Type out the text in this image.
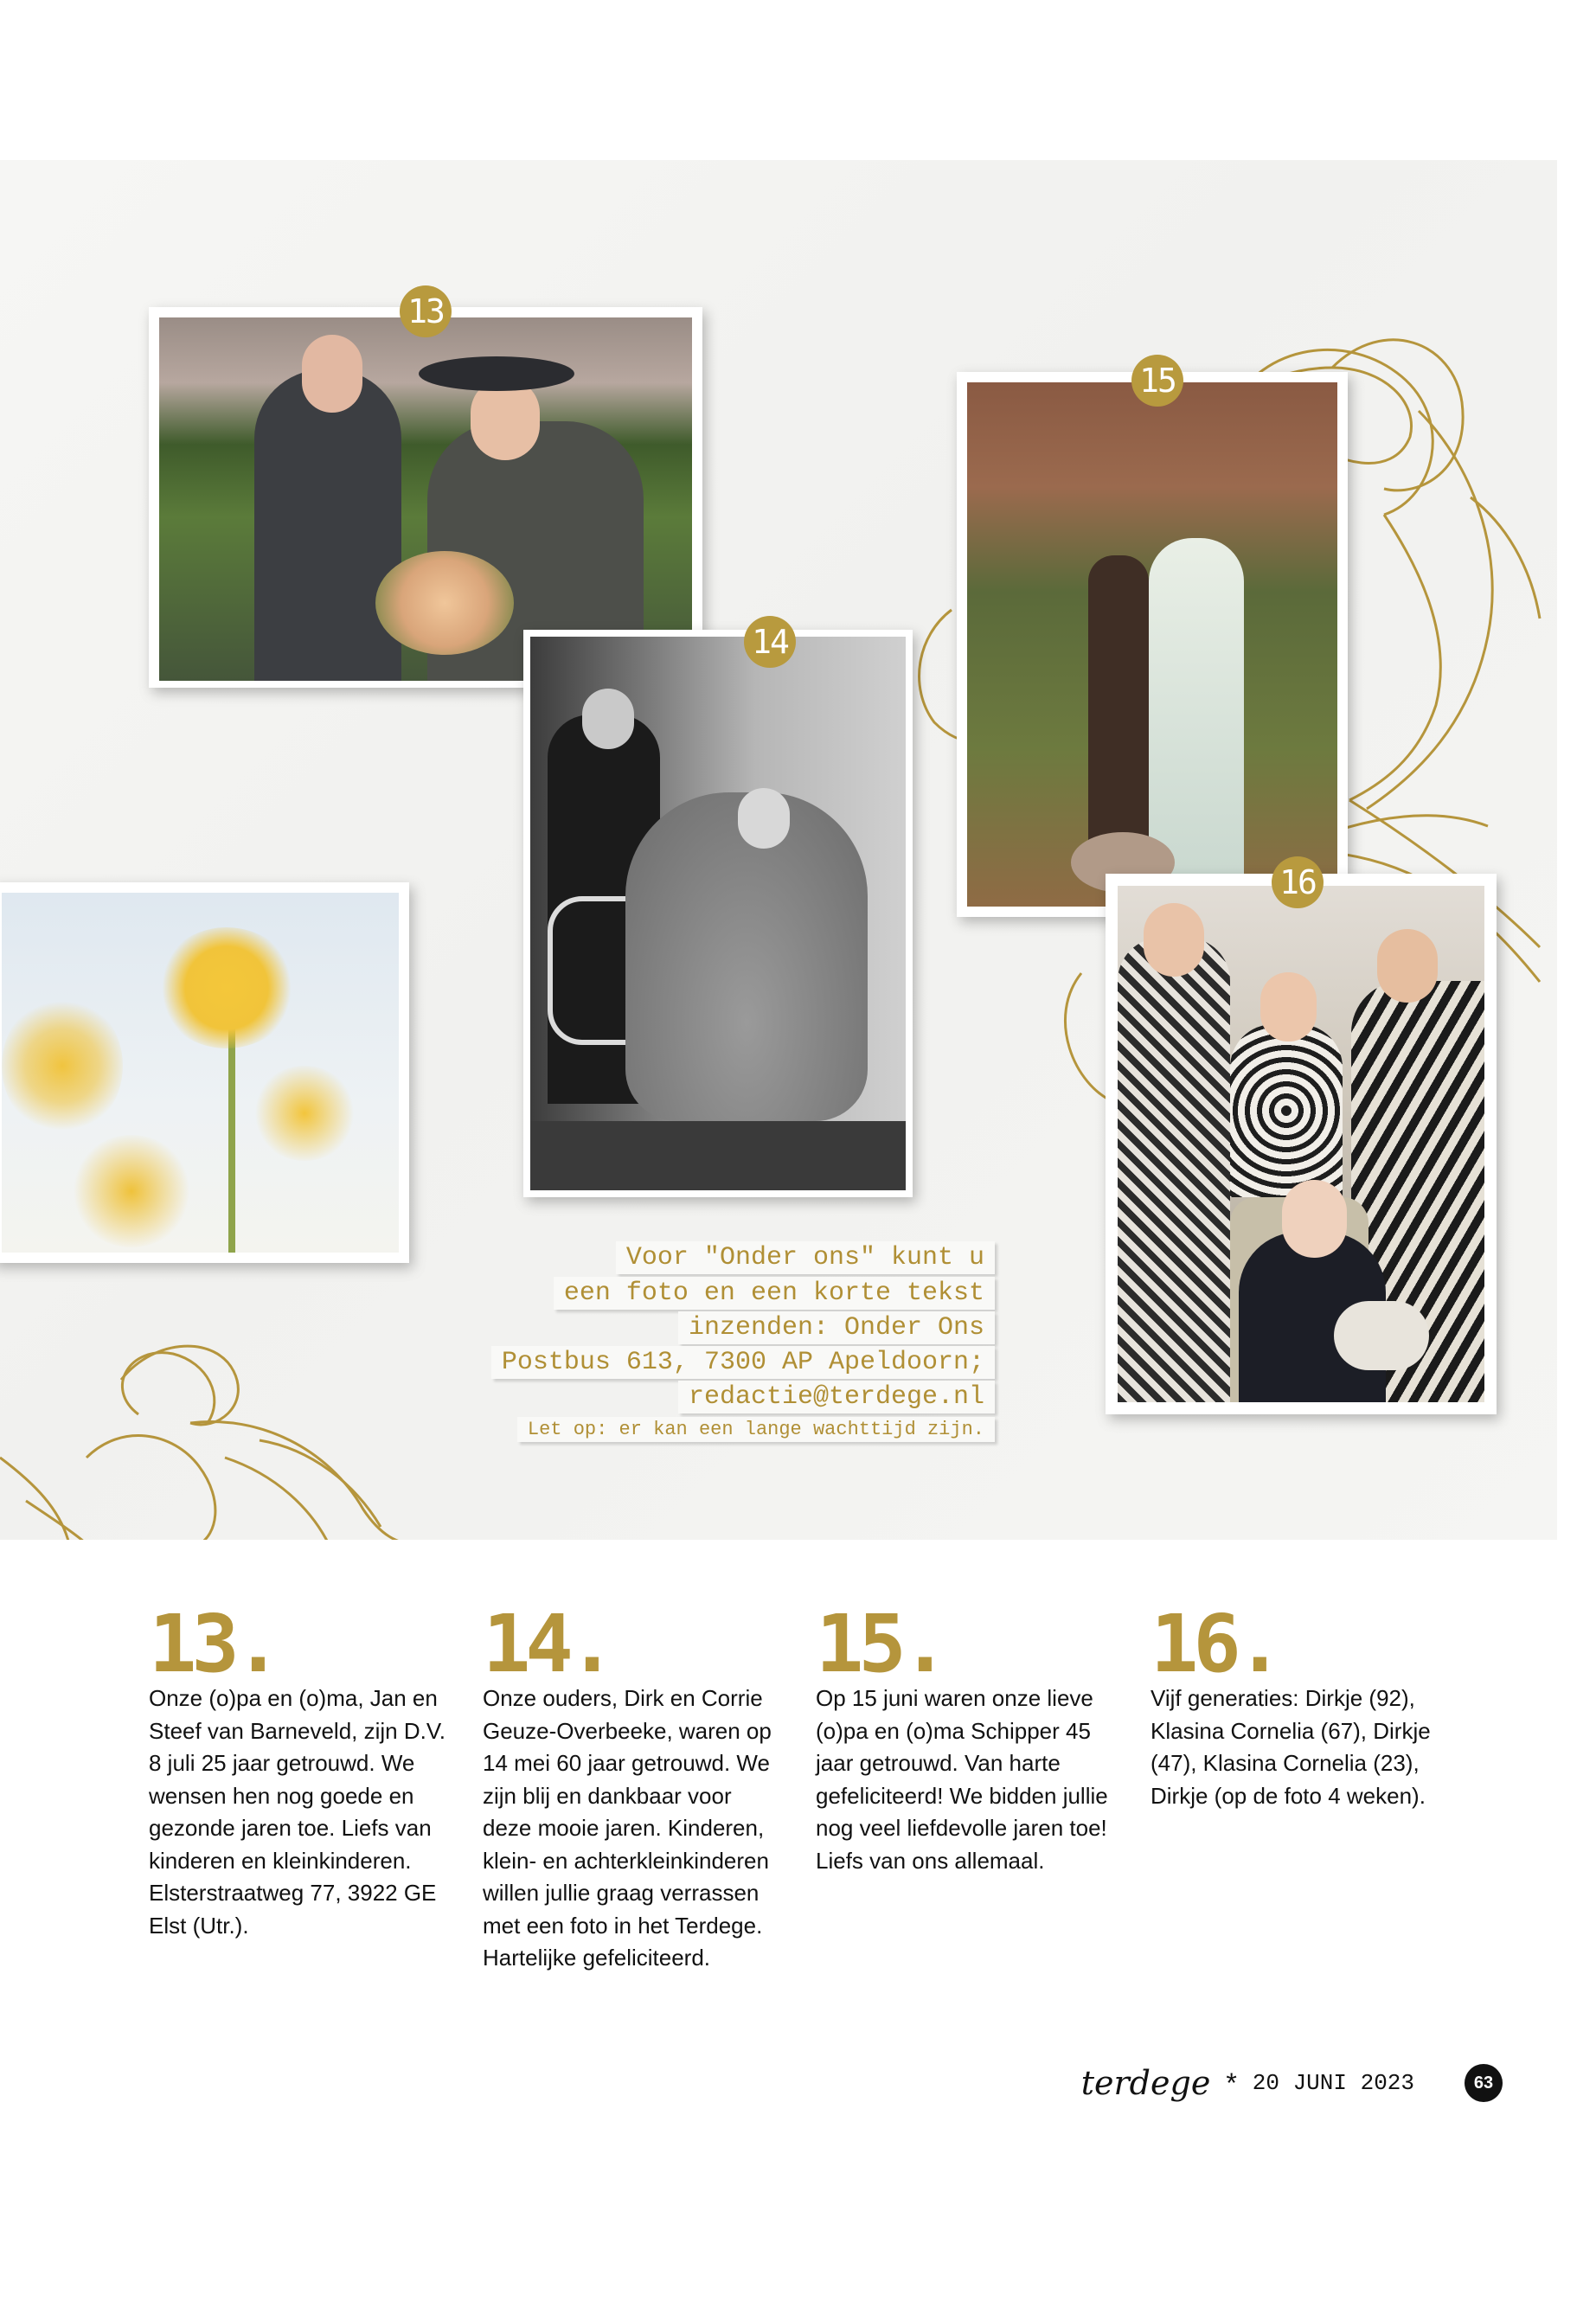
13
15
14
16
Voor "Onder ons" kunt u
een foto en een korte tekst
inzenden: Onder Ons
Postbus 613, 7300 AP Apeldoorn;
redactie@terdege.nl
Let op: er kan een lange wachttijd zijn.
13.
Onze (o)pa en (o)ma, Jan en Steef van Barneveld, zijn D.V. 8 juli 25 jaar getrouwd. We wensen hen nog goede en gezonde jaren toe. Liefs van kinderen en kleinkinderen. Elsterstraatweg 77, 3922 GE Elst (Utr.).
14.
Onze ouders, Dirk en Corrie Geuze-Overbeeke, waren op 14 mei 60 jaar getrouwd. We zijn blij en dankbaar voor deze mooie jaren. Kinderen, klein- en achterkleinkinderen willen jullie graag verrassen met een foto in het Terdege. Hartelijke gefeliciteerd.
15.
Op 15 juni waren onze lieve (o)pa en (o)ma Schipper 45 jaar getrouwd. Van harte gefeliciteerd! We bidden jullie nog veel liefdevolle jaren toe! Liefs van ons allemaal.
16.
Vijf generaties: Dirkje (92), Klasina Cornelia (67), Dirkje (47), Klasina Cornelia (23), Dirkje (op de foto 4 weken).
terdege * 20 JUNI 2023	63
